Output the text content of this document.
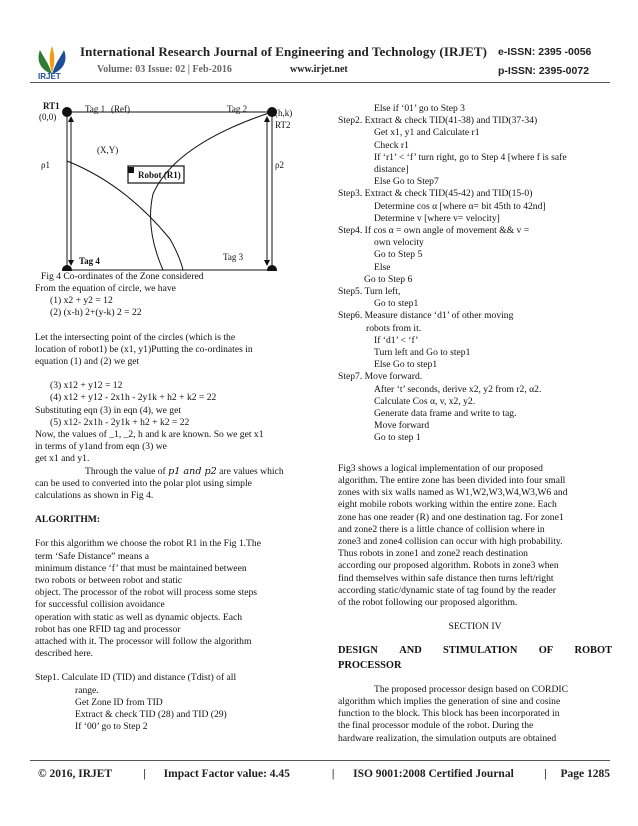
IRJET
International Research Journal of Engineering and Technology (IRJET) e-ISSN: 2395 -0056
Volume: 03 Issue: 02 | Feb-2016	www.irjet.net	p-ISSN: 2395-0072
RT1
(0,0)
Tag 1 (Ref)	Tag 2	(h,k)
RT2
(X,Y)
Robot (R1)
ρ1	ρ2
Tag 4	Tag 3
Fig 4 Co-ordinates of the Zone considered

From the equation of circle, we have

(1) x2 + y2 = 12

(2) (x-h) 2+(y-k) 2 = 22

Let the intersecting point of the circles (which is the

location of robot1) be (x1, y1)Putting the co-ordinates in

equation (1) and (2) we get

(3) x12 + y12 = 12

(4) x12 + y12 - 2x1h - 2y1k + h2 + k2 = 22

Substituting eqn (3) in eqn (4), we get

(5) x12- 2x1h - 2y1k + h2 + k2 = 22

Now, the values of _1, _2, h and k are known. So we get x1

in terms of y1and from eqn (3) we

get x1 and y1.

Through the value of p1 and p2 are values which

can be used to converted into the polar plot using simple

calculations as shown in Fig 4.

ALGORITHM:

For this algorithm we choose the robot R1 in the Fig 1.The

term ‘Safe Distance” means a

minimum distance ‘f’ that must be maintained between

two robots or between robot and static

object. The processor of the robot will process some steps

for successful collision avoidance

operation with static as well as dynamic objects. Each

robot has one RFID tag and processor

attached with it. The processor will follow the algorithm

described here.

Step1. Calculate ID (TID) and distance (Tdist) of all

range.

Get Zone ID from TID

Extract & check TID (28) and TID (29)

If ‘00’ go to Step 2

Else if ‘01’ go to Step 3

Step2. Extract & check TID(41-38) and TID(37-34)

Get x1, y1 and Calculate r1

Check r1

If ‘r1’ < ‘f’ turn right, go to Step 4 [where f is safe

distance]

Else Go to Step7

Step3. Extract & check TID(45-42) and TID(15-0)

Determine cos α [where α= bit 45th to 42nd]

Determine v [where v= velocity]

Step4. If cos α = own angle of movement && v =

own velocity

Go to Step 5

Else

Go to Step 6

Step5. Turn left,

Go to step1

Step6. Measure distance ‘d1’ of other moving

robots from it.

If ‘d1’ < ‘f’

Turn left and Go to step1

Else Go to step1

Step7. Move forward.

After ‘t’ seconds, derive x2, y2 from r2, α2.

Calculate Cos α, v, x2, y2.

Generate data frame and write to tag.

Move forward

Go to step 1

Fig3 shows a logical implementation of our proposed

algorithm. The entire zone has been divided into four small

zones with six walls named as W1,W2,W3,W4,W3,W6 and

eight mobile robots working within the entire zone. Each

zone has one reader (R) and one destination tag. For zone1

and zone2 there is a little chance of collision where in

zone3 and zone4 collision can occur with high probability.

Thus robots in zone1 and zone2 reach destination

according our proposed algorithm. Robots in zone3 when

find themselves within safe distance then turns left/right

according static/dynamic state of tag found by the reader

of the robot following our proposed algorithm.

SECTION IV

DESIGN AND STIMULATION OF ROBOT

PROCESSOR

The proposed processor design based on CORDIC

algorithm which implies the generation of sine and cosine

function to the block. This block has been incorporated in

the final processor module of the robot. During the

hardware realization, the simulation outputs are obtained

© 2016, IRJET	|	Impact Factor value: 4.45	|	ISO 9001:2008 Certified Journal	|	Page 1285
